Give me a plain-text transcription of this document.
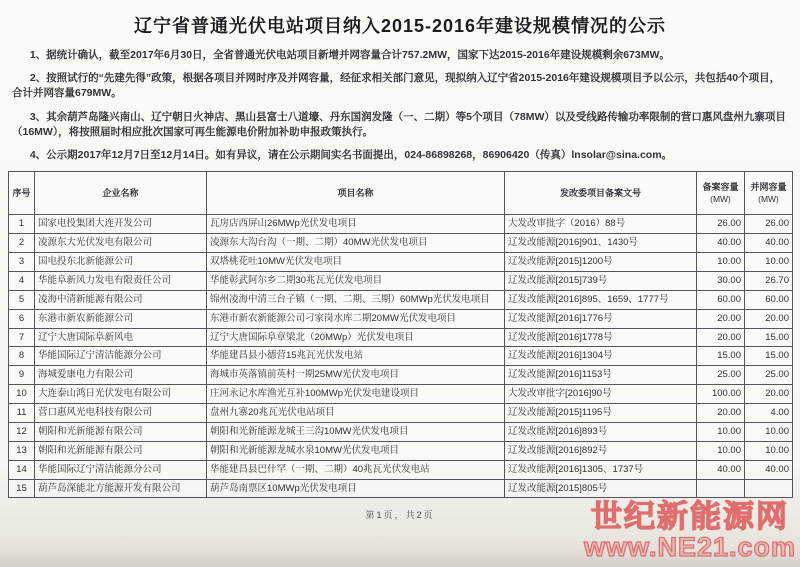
辽宁省普通光伏电站项目纳入2015-2016年建设规模情况的公示

1、据统计确认，截至2017年6月30日，全省普通光伏电站项目新增并网容量合计757.2MW，国家下达2015-2016年建设规模剩余673MW。

2、按照试行的“先建先得”政策，根据各项目并网时序及并网容量，经征求相关部门意见，现拟纳入辽宁省2015-2016年建设规模项目予以公示，共包括40个项目，合计并网容量679MW。

3、其余葫芦岛隆兴南山、辽宁朝日火神店、黑山县富士八道壕、丹东国润发隆（一、二期）等5个项目（78MW）以及受线路传输功率限制的营口惠风盘州九寨项目（16MW），将按照届时相应批次国家可再生能源电价附加补助申报政策执行。

4、公示期2017年12月7日至12月14日。如有异议，请在公示期间实名书面提出，024-86898268，86906420（传真）lnsolar@sina.com。

序号	企业名称	项目名称	发改委项目备案文号	备案容量
(MW)	并网容量
(MW)

1	国家电投集团大连开发公司	瓦房店西屏山26MWp光伏发电项目	大发改审批字（2016）88号	26.00	26.00
2	凌源东大光伏发电有限公司	凌源东大沟台沟（一期、二期）40MW光伏发电项目	辽发改能源[2016]901、1430号	40.00	40.00
3	国电投东北新能源公司	双塔桃花吐10MW光伏发电项目	辽发改能源[2015]1200号	10.00	10.00
4	华能阜新风力发电有限责任公司	华能彰武阿尔乡二期30兆瓦光伏发电项目	辽发改能源[2015]739号	30.00	26.70
5	凌海中清新能源有限公司	锦州凌海中清三台子镇（一期、二期、三期）60MWp光伏发电项目	辽发改能源[2016]895、1659、1777号	60.00	60.00
6	东港市新农新能源公司	东港市新农新能源公司刁家岗水库二期20MW光伏发电项目	辽发改能源[2016]1776号	20.00	20.00
7	辽宁大唐国际阜新风电	辽宁大唐国际阜章梁北（20MWp）光伏发电项目	辽发改能源[2016]1778号	20.00	15.00
8	华能国际辽宁清洁能源分公司	华能建昌县小德营15兆瓦光伏发电站	辽发改能源[2016]1304号	15.00	15.00
9	海城爱康电力有限公司	海城市英落镇前英村一期25MW光伏发电项目	辽发改能源[2016]1153号	25.00	25.00
10	大连泰山鸿日光伏发电有限公司	庄河永记水库渔光互补100MWp光伏发电建设项目	大发改审批字[2016]90号	100.00	20.00
11	营口惠风光电科技有限公司	盘州九寨20兆瓦光伏电站项目	辽发改能源[2015]1195号	20.00	4.00
12	朝阳和光新能源有限公司	朝阳和光新能源龙城王三沟10MW光伏发电项目	辽发改能源[2016]893号	10.00	10.00
13	朝阳和光新能源有限公司	朝阳和光新能源龙城水泉10MW光伏发电项目	辽发改能源[2016]892号	10.00	10.00
14	华能国际辽宁清洁能源分公司	华能建昌县巴什罕（一期、二期）40兆瓦光伏发电站	辽发改能源[2016]1305、1737号	40.00	40.00
15	葫芦岛深能北方能源开发有限公司	葫芦岛南票区10MWp光伏发电项目	辽发改能源[2015]805号		
第1页，共2页	世纪新能源网
www.NE21.com
